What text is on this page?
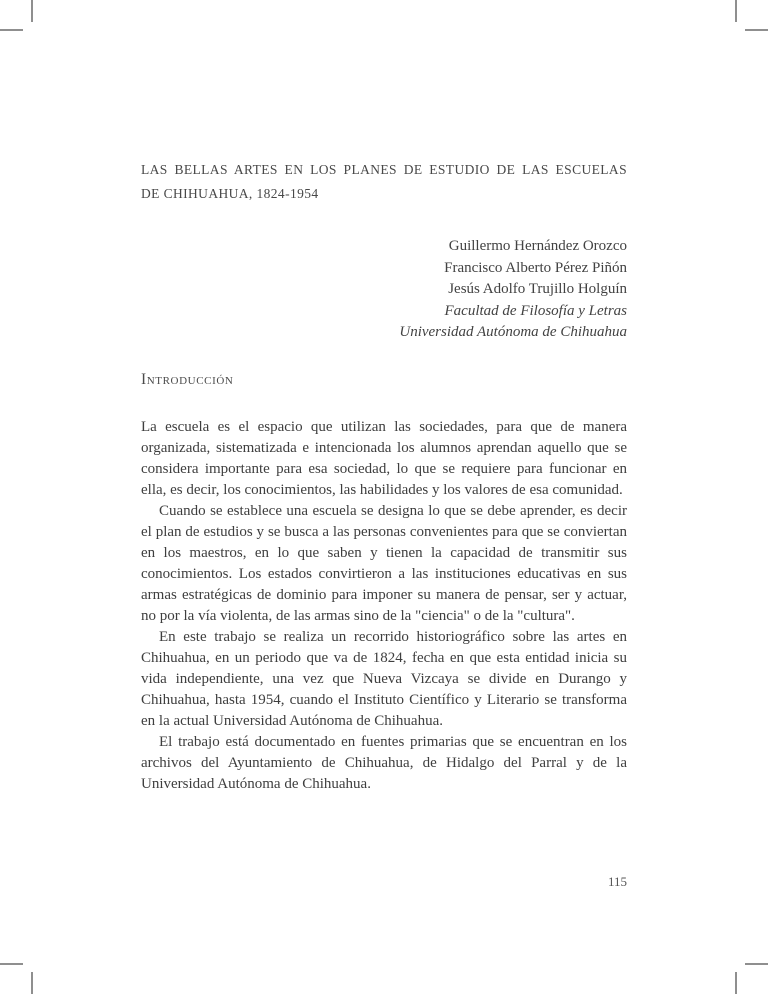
LAS BELLAS ARTES EN LOS PLANES DE ESTUDIO DE LAS ESCUELAS
DE CHIHUAHUA, 1824-1954
Guillermo Hernández Orozco
Francisco Alberto Pérez Piñón
Jesús Adolfo Trujillo Holguín
Facultad de Filosofía y Letras
Universidad Autónoma de Chihuahua
Introducción

La escuela es el espacio que utilizan las sociedades, para que de manera organizada, sistematizada e intencionada los alumnos aprendan aquello que se considera importante para esa sociedad, lo que se requiere para funcionar en ella, es decir, los conocimientos, las habilidades y los valores de esa comunidad.

Cuando se establece una escuela se designa lo que se debe aprender, es decir el plan de estudios y se busca a las personas convenientes para que se conviertan en los maestros, en lo que saben y tienen la capacidad de transmitir sus conocimientos. Los estados convirtieron a las instituciones educativas en sus armas estratégicas de dominio para imponer su manera de pensar, ser y actuar, no por la vía violenta, de las armas sino de la "ciencia" o de la "cultura".

En este trabajo se realiza un recorrido historiográfico sobre las artes en Chihuahua, en un periodo que va de 1824, fecha en que esta entidad inicia su vida independiente, una vez que Nueva Vizcaya se divide en Durango y Chihuahua, hasta 1954, cuando el Instituto Científico y Literario se transforma en la actual Universidad Autónoma de Chihuahua.

El trabajo está documentado en fuentes primarias que se encuentran en los archivos del Ayuntamiento de Chihuahua, de Hidalgo del Parral y de la Universidad Autónoma de Chihuahua.

115
